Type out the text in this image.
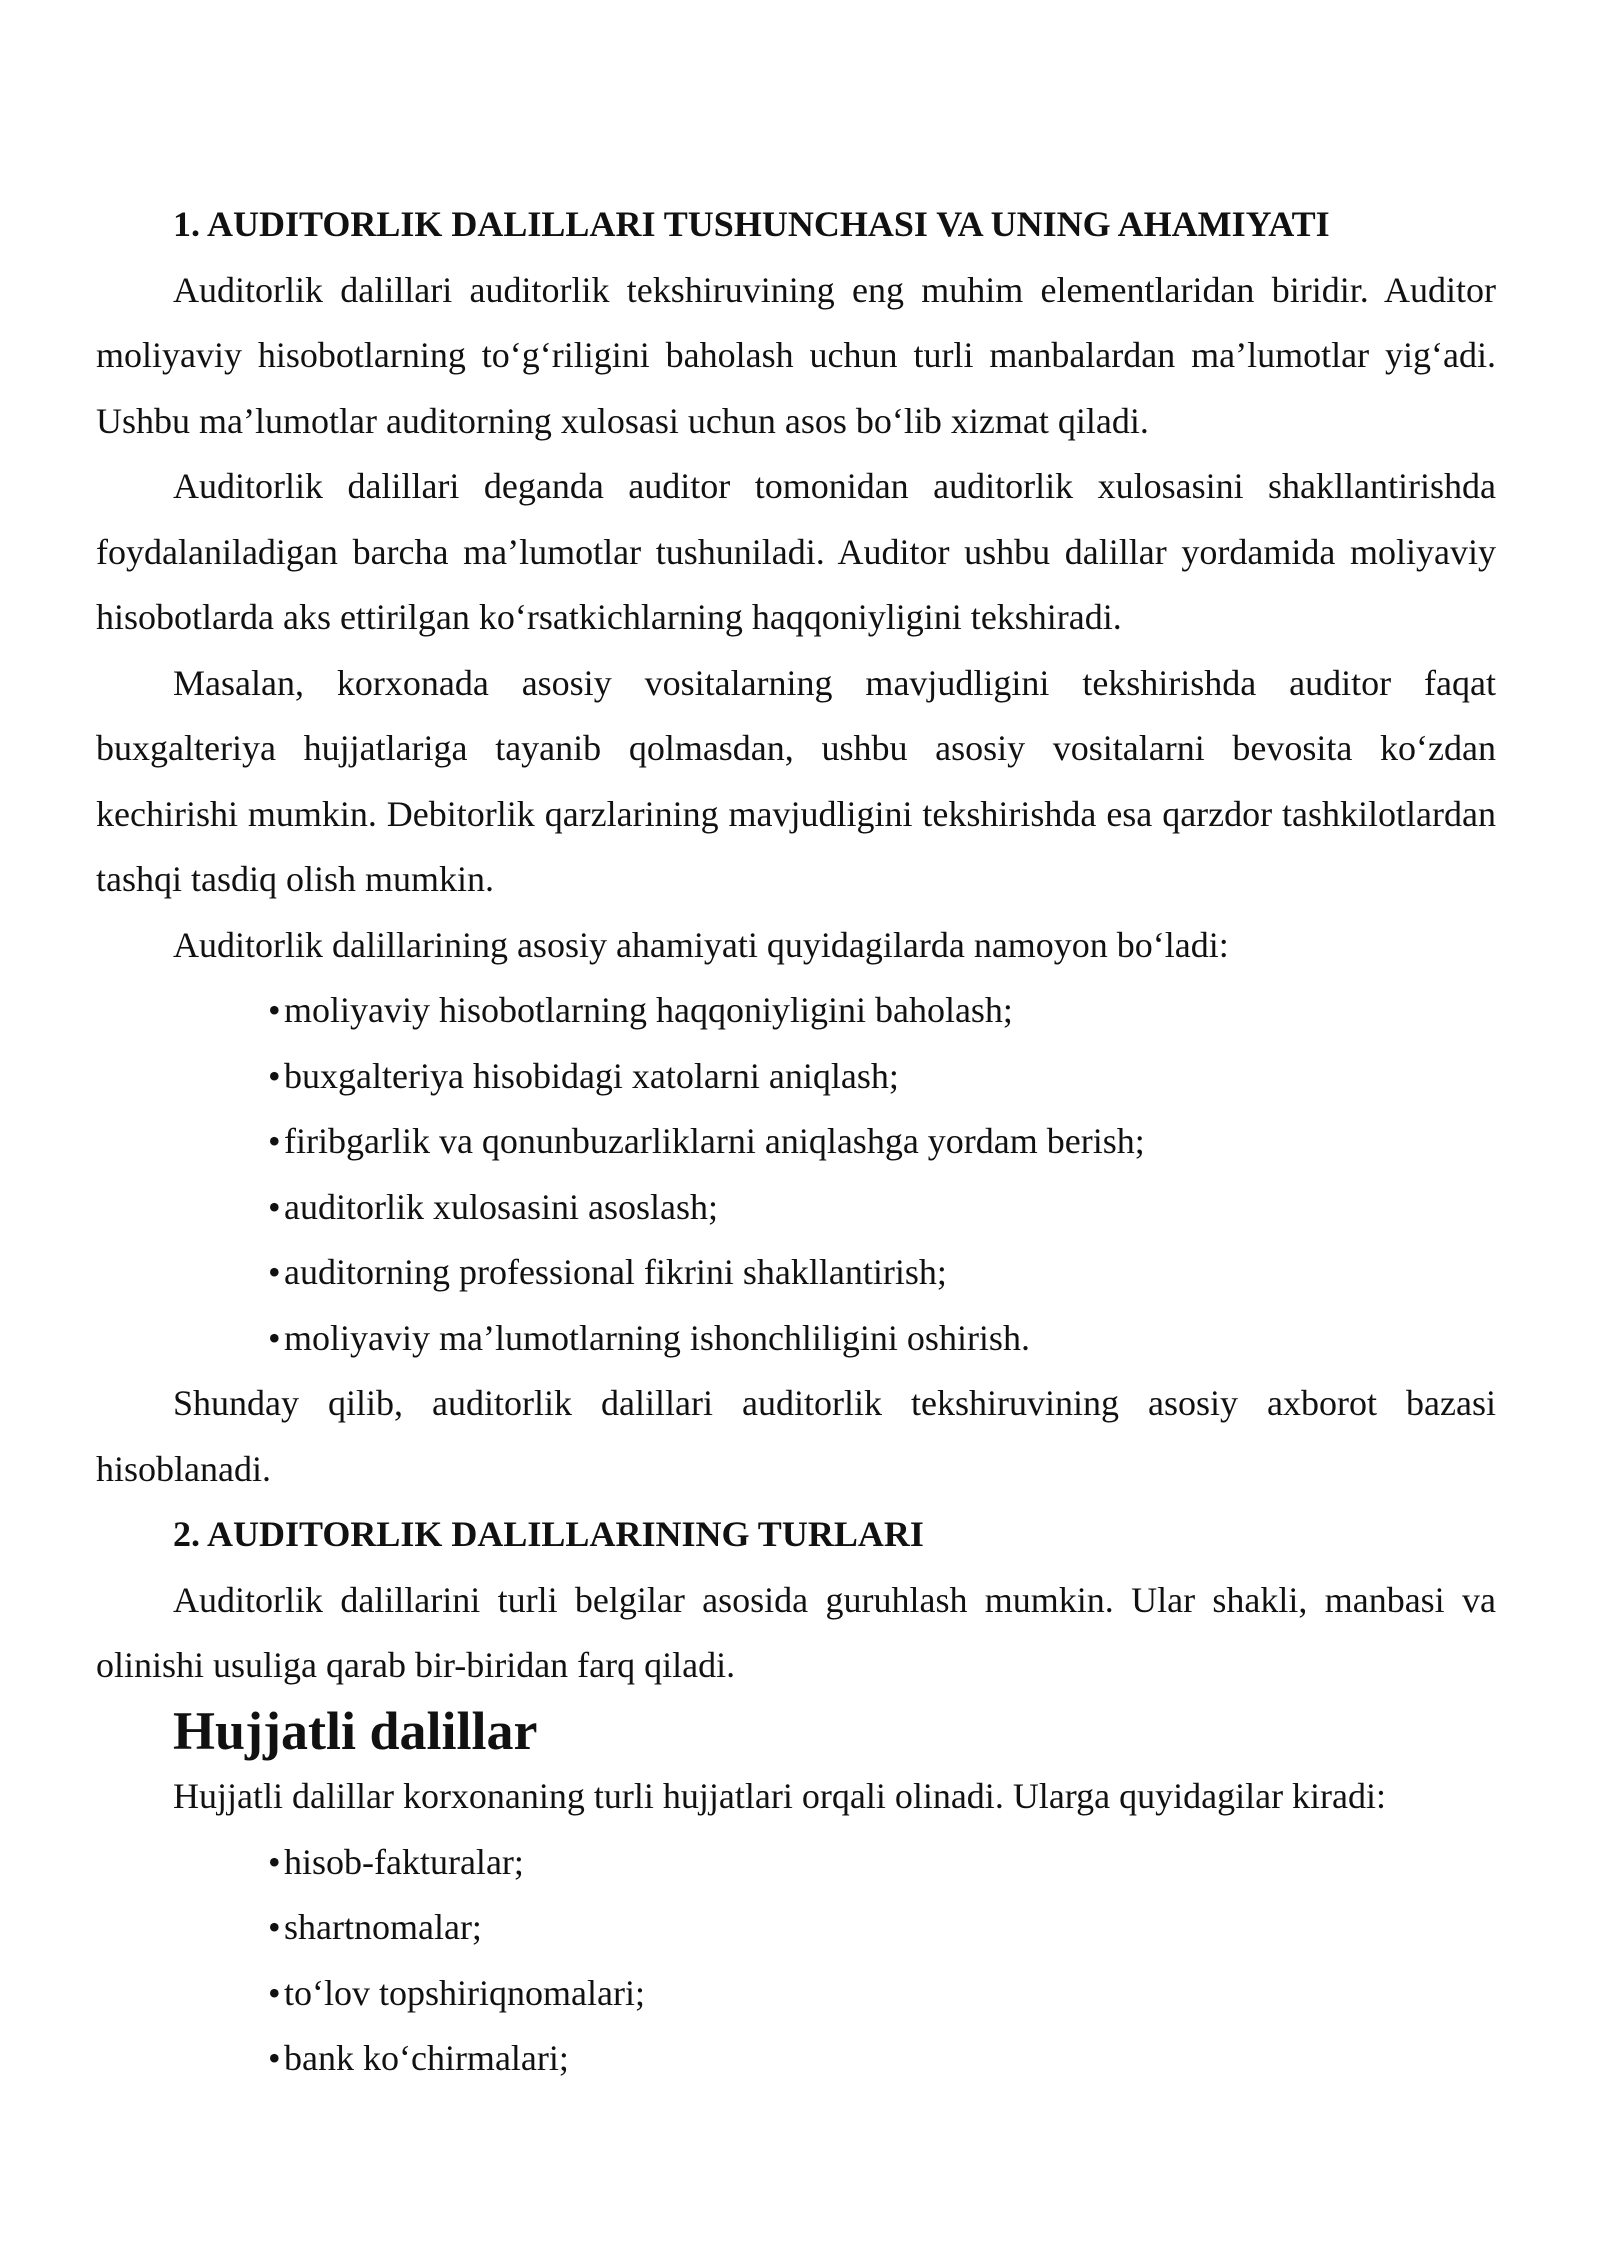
1. AUDITORLIK DALILLARI TUSHUNCHASI VA UNING AHAMIYATI

Auditorlik dalillari auditorlik tekshiruvining eng muhim elementlaridan biridir. Auditor moliyaviy hisobotlarning to‘g‘riligini baholash uchun turli manbalardan ma’lumotlar yig‘adi. Ushbu ma’lumotlar auditorning xulosasi uchun asos bo‘lib xizmat qiladi.

Auditorlik dalillari deganda auditor tomonidan auditorlik xulosasini shakllantirishda foydalaniladigan barcha ma’lumotlar tushuniladi. Auditor ushbu dalillar yordamida moliyaviy hisobotlarda aks ettirilgan ko‘rsatkichlarning haqqoniyligini tekshiradi.

Masalan, korxonada asosiy vositalarning mavjudligini tekshirishda auditor faqat buxgalteriya hujjatlariga tayanib qolmasdan, ushbu asosiy vositalarni bevosita ko‘zdan kechirishi mumkin. Debitorlik qarzlarining mavjudligini tekshirishda esa qarzdor tashkilotlardan tashqi tasdiq olish mumkin.

Auditorlik dalillarining asosiy ahamiyati quyidagilarda namoyon bo‘ladi:

• moliyaviy hisobotlarning haqqoniyligini baholash;
• buxgalteriya hisobidagi xatolarni aniqlash;
• firibgarlik va qonunbuzarliklarni aniqlashga yordam berish;
• auditorlik xulosasini asoslash;
• auditorning professional fikrini shakllantirish;
• moliyaviy ma’lumotlarning ishonchliligini oshirish.

Shunday qilib, auditorlik dalillari auditorlik tekshiruvining asosiy axborot bazasi hisoblanadi.

2. AUDITORLIK DALILLARINING TURLARI

Auditorlik dalillarini turli belgilar asosida guruhlash mumkin. Ular shakli, manbasi va olinishi usuliga qarab bir-biridan farq qiladi.

Hujjatli dalillar

Hujjatli dalillar korxonaning turli hujjatlari orqali olinadi. Ularga quyidagilar kiradi:

• hisob-fakturalar;
• shartnomalar;
• to‘lov topshiriqnomalari;
• bank ko‘chirmalari;
